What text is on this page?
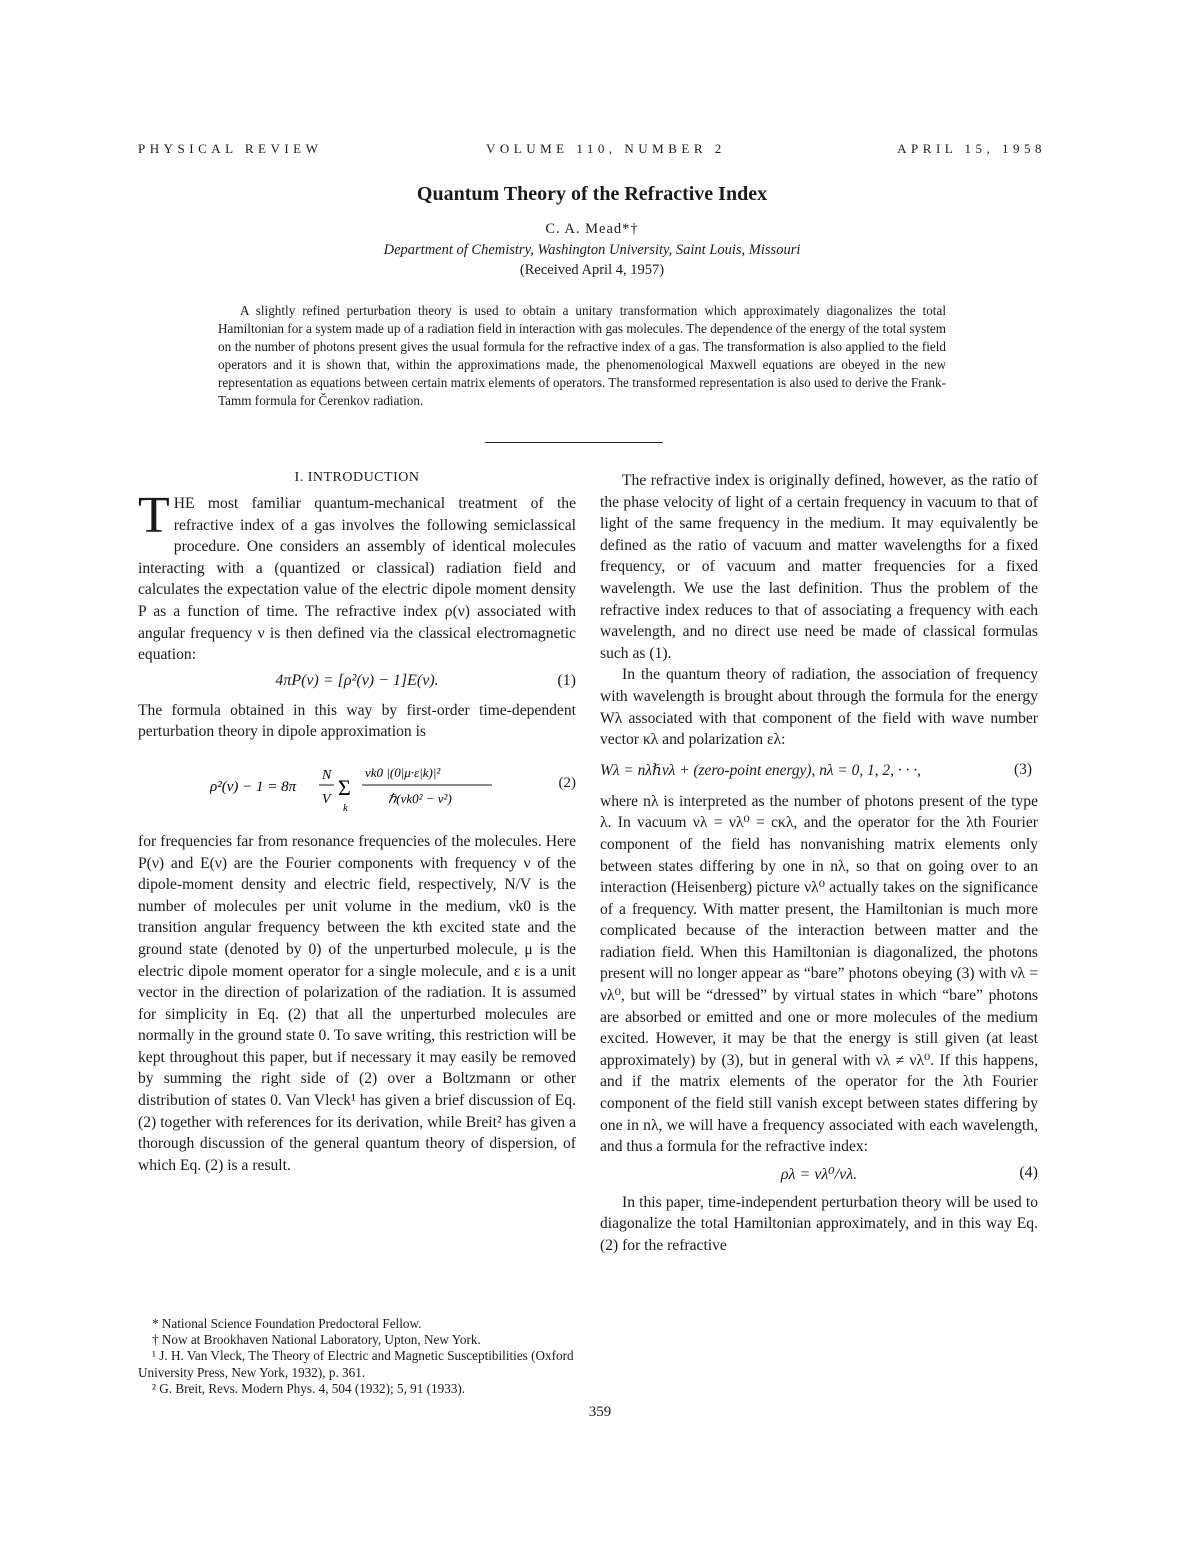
PHYSICAL REVIEW	VOLUME 110, NUMBER 2	APRIL 15, 1958
Quantum Theory of the Refractive Index
C. A. Mead*†
Department of Chemistry, Washington University, Saint Louis, Missouri
(Received April 4, 1957)

A slightly refined perturbation theory is used to obtain a unitary transformation which approximately diagonalizes the total Hamiltonian for a system made up of a radiation field in interaction with gas molecules. The dependence of the energy of the total system on the number of photons present gives the usual formula for the refractive index of a gas. The transformation is also applied to the field operators and it is shown that, within the approximations made, the phenomenological Maxwell equations are obeyed in the new representation as equations between certain matrix elements of operators. The transformed representation is also used to derive the Frank-Tamm formula for Čerenkov radiation.

I. INTRODUCTION

THE most familiar quantum-mechanical treatment of the refractive index of a gas involves the following semiclassical procedure. One considers an assembly of identical molecules interacting with a (quantized or classical) radiation field and calculates the expectation value of the electric dipole moment density P as a function of time. The refractive index ρ(ν) associated with angular frequency ν is then defined via the classical electromagnetic equation:

4πP(ν) = [ρ²(ν) − 1]E(ν).	(1)

The formula obtained in this way by first-order time-dependent perturbation theory in dipole approximation is

ρ²(ν) − 1 = 8π
N
V Σ
k
νk0 |(0|μ·ε|k)|²
ℏ(νk0² − ν²)
(2)

for frequencies far from resonance frequencies of the molecules. Here P(ν) and E(ν) are the Fourier components with frequency ν of the dipole-moment density and electric field, respectively, N/V is the number of molecules per unit volume in the medium, νk0 is the transition angular frequency between the kth excited state and the ground state (denoted by 0) of the unperturbed molecule, μ is the electric dipole moment operator for a single molecule, and ε is a unit vector in the direction of polarization of the radiation. It is assumed for simplicity in Eq. (2) that all the unperturbed molecules are normally in the ground state 0. To save writing, this restriction will be kept throughout this paper, but if necessary it may easily be removed by summing the right side of (2) over a Boltzmann or other distribution of states 0. Van Vleck¹ has given a brief discussion of Eq. (2) together with references for its derivation, while Breit² has given a thorough discussion of the general quantum theory of dispersion, of which Eq. (2) is a result.

* National Science Foundation Predoctoral Fellow.

† Now at Brookhaven National Laboratory, Upton, New York.

¹ J. H. Van Vleck, The Theory of Electric and Magnetic Susceptibilities (Oxford University Press, New York, 1932), p. 361.

² G. Breit, Revs. Modern Phys. 4, 504 (1932); 5, 91 (1933).

The refractive index is originally defined, however, as the ratio of the phase velocity of light of a certain frequency in vacuum to that of light of the same frequency in the medium. It may equivalently be defined as the ratio of vacuum and matter wavelengths for a fixed frequency, or of vacuum and matter frequencies for a fixed wavelength. We use the last definition. Thus the problem of the refractive index reduces to that of associating a frequency with each wavelength, and no direct use need be made of classical formulas such as (1).

In the quantum theory of radiation, the association of frequency with wavelength is brought about through the formula for the energy Wλ associated with that component of the field with wave number vector κλ and polarization ελ:

Wλ = nλℏνλ + (zero-point energy), nλ = 0, 1, 2, · · ·,	(3)

where nλ is interpreted as the number of photons present of the type λ. In vacuum νλ = νλ⁰ = cκλ, and the operator for the λth Fourier component of the field has nonvanishing matrix elements only between states differing by one in nλ, so that on going over to an interaction (Heisenberg) picture νλ⁰ actually takes on the significance of a frequency. With matter present, the Hamiltonian is much more complicated because of the interaction between matter and the radiation field. When this Hamiltonian is diagonalized, the photons present will no longer appear as “bare” photons obeying (3) with νλ = νλ⁰, but will be “dressed” by virtual states in which “bare” photons are absorbed or emitted and one or more molecules of the medium excited. However, it may be that the energy is still given (at least approximately) by (3), but in general with νλ ≠ νλ⁰. If this happens, and if the matrix elements of the operator for the λth Fourier component of the field still vanish except between states differing by one in nλ, we will have a frequency associated with each wavelength, and thus a formula for the refractive index:

ρλ = νλ⁰/νλ.	(4)

In this paper, time-independent perturbation theory will be used to diagonalize the total Hamiltonian approximately, and in this way Eq. (2) for the refractive

359
